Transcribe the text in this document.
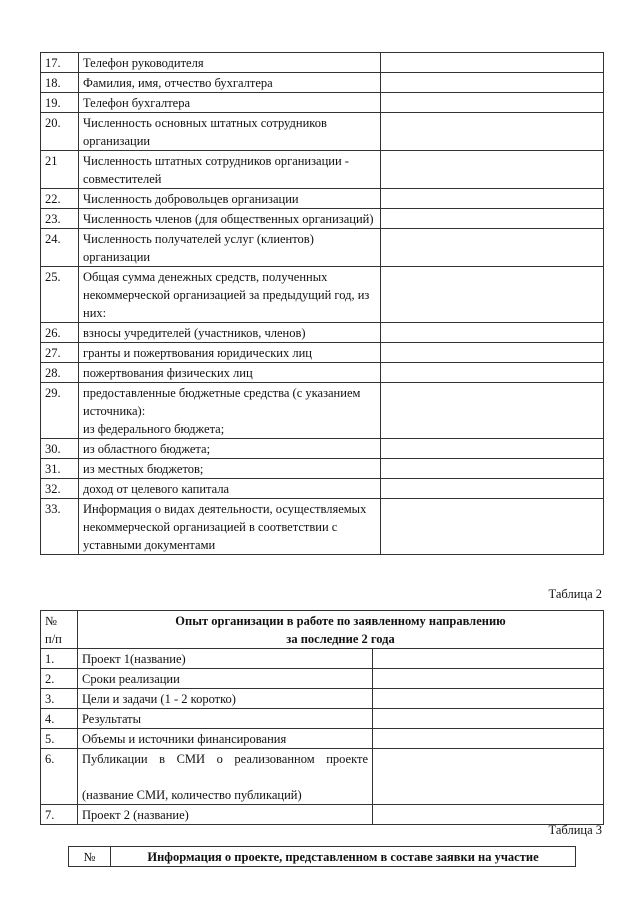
17.	Телефон руководителя	
18.	Фамилия, имя, отчество бухгалтера	
19.	Телефон бухгалтера	
20.	Численность основных штатных сотрудников организации	
21	Численность штатных сотрудников организации - совместителей	
22.	Численность добровольцев организации	
23.	Численность членов (для общественных организаций)	
24.	Численность получателей услуг (клиентов) организации	
25.	Общая сумма денежных средств, полученных некоммерческой организацией за предыдущий год, из них:	
26.	взносы учредителей (участников, членов)	
27.	гранты и пожертвования юридических лиц	
28.	пожертвования физических лиц	
29.	предоставленные бюджетные средства (с указанием источника):
из федерального бюджета;	
30.	из областного бюджета;	
31.	из местных бюджетов;	
32.	доход от целевого капитала	
33.	Информация о видах деятельности, осуществляемых некоммерческой организацией в соответствии с уставными документами	
Таблица 2
№
п/п	Опыт организации в работе по заявленному направлению
за последние 2 года	
1.	Проект 1(название)	
2.	Сроки реализации	
3.	Цели и задачи (1 - 2 коротко)	
4.	Результаты	
5.	Объемы и источники финансирования	
6.	Публикации в СМИ о реализованном проекте

(название СМИ, количество публикаций)	
7.	Проект 2 (название)	
Таблица 3
№	Информация о проекте, представленном в составе заявки на участие
